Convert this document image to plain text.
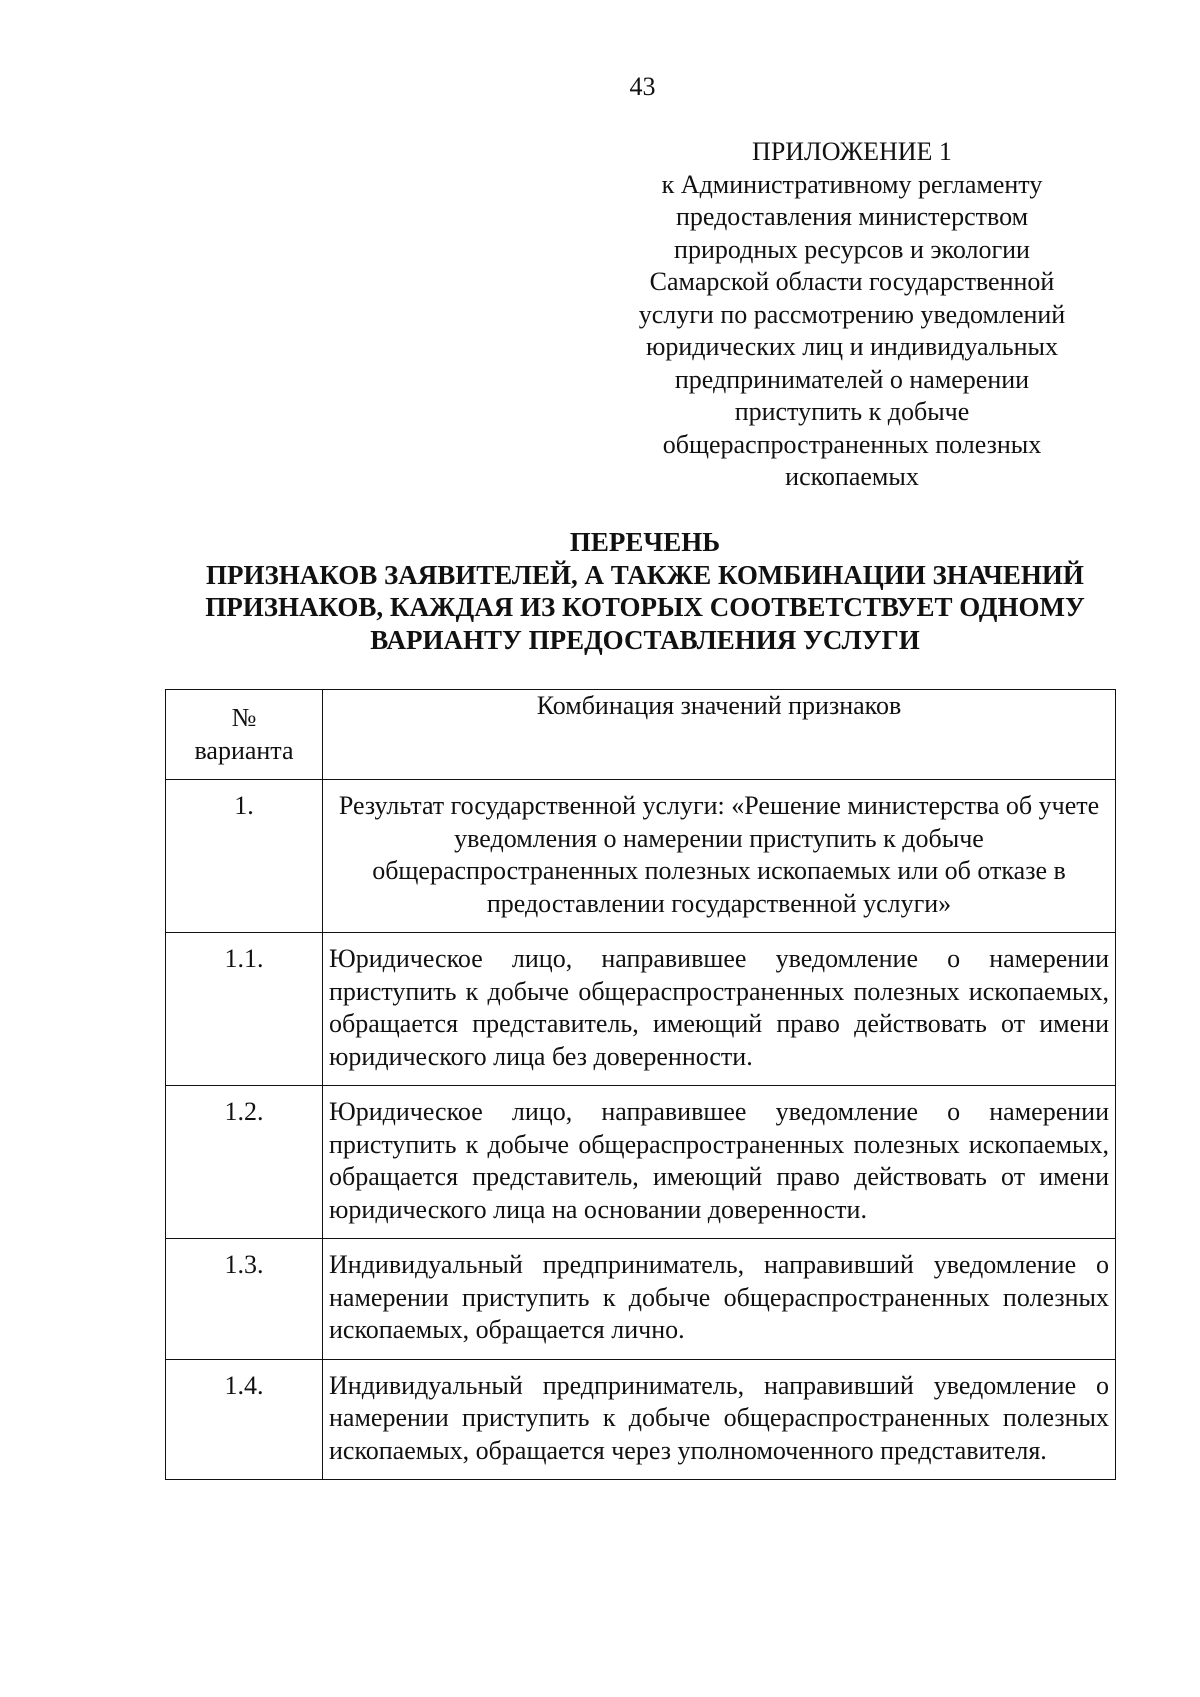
43
ПРИЛОЖЕНИЕ 1
к Административному регламенту
предоставления министерством
природных ресурсов и экологии
Самарской области государственной
услуги по рассмотрению уведомлений
юридических лиц и индивидуальных
предпринимателей о намерении
приступить к добыче
общераспространенных полезных
ископаемых
ПЕРЕЧЕНЬ
ПРИЗНАКОВ ЗАЯВИТЕЛЕЙ, А ТАКЖЕ КОМБИНАЦИИ ЗНАЧЕНИЙ
ПРИЗНАКОВ, КАЖДАЯ ИЗ КОТОРЫХ СООТВЕТСТВУЕТ ОДНОМУ
ВАРИАНТУ ПРЕДОСТАВЛЕНИЯ УСЛУГИ
№
варианта	Комбинация значений признаков
1.	Результат государственной услуги: «Решение министерства об учете уведомления о намерении приступить к добыче общераспространенных полезных ископаемых или об отказе в предоставлении государственной услуги»
1.1.	Юридическое лицо, направившее уведомление о намерении приступить к добыче общераспространенных полезных ископаемых, обращается представитель, имеющий право действовать от имени юридического лица без доверенности.
1.2.	Юридическое лицо, направившее уведомление о намерении приступить к добыче общераспространенных полезных ископаемых, обращается представитель, имеющий право действовать от имени юридического лица на основании доверенности.
1.3.	Индивидуальный предприниматель, направивший уведомление о намерении приступить к добыче общераспространенных полезных ископаемых, обращается лично.
1.4.	Индивидуальный предприниматель, направивший уведомление о намерении приступить к добыче общераспространенных полезных ископаемых, обращается через уполномоченного представителя.
